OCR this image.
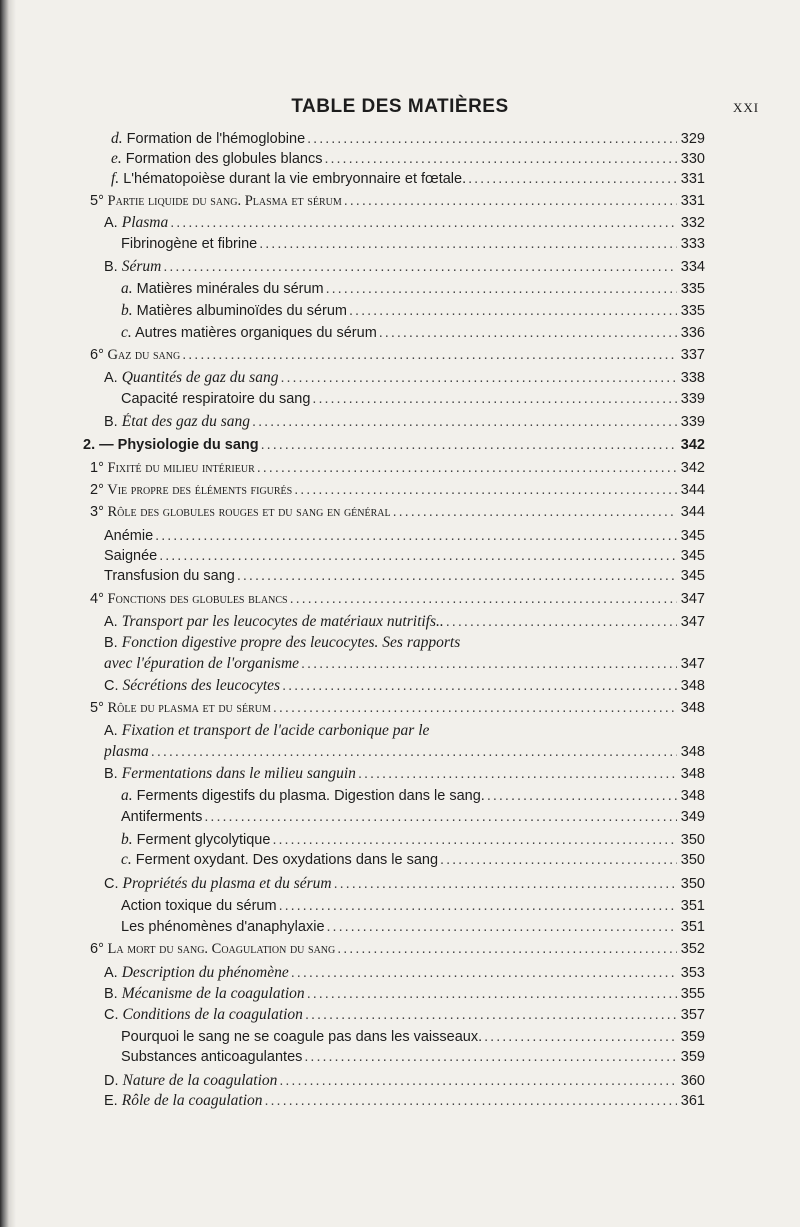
TABLE DES MATIÈRES	XXI
d. Formation de l'hémoglobine .....	329
e. Formation des globules blancs .....	330
f. L'hématopoièse durant la vie embryonnaire et fœtale. .....	331
5° Partie liquide du sang. Plasma et sérum .....	331
A. Plasma .....	332
Fibrinogène et fibrine .....	333
B. Sérum .....	334
a. Matières minérales du sérum .....	335
b. Matières albuminoïdes du sérum .....	335
c. Autres matières organiques du sérum .....	336
6° Gaz du sang .....	337
A. Quantités de gaz du sang .....	338
Capacité respiratoire du sang .....	339
B. État des gaz du sang .....	339
2. — Physiologie du sang .....	342
1° Fixité du milieu intérieur .....	342
2° Vie propre des éléments figurés .....	344
3° Rôle des globules rouges et du sang en général .....	344
Anémie .....	345
Saignée .....	345
Transfusion du sang .....	345
4° Fonctions des globules blancs .....	347
A. Transport par les leucocytes de matériaux nutritifs.. .....	347
B. Fonction digestive propre des leucocytes. Ses rapports
avec l'épuration de l'organisme .....	347
C. Sécrétions des leucocytes .....	348
5° Rôle du plasma et du sérum .....	348
A. Fixation et transport de l'acide carbonique par le
plasma .....	348
B. Fermentations dans le milieu sanguin .....	348
a. Ferments digestifs du plasma. Digestion dans le sang. .....	348
Antiferments .....	349
b. Ferment glycolytique .....	350
c. Ferment oxydant. Des oxydations dans le sang .....	350
C. Propriétés du plasma et du sérum .....	350
Action toxique du sérum .....	351
Les phénomènes d'anaphylaxie .....	351
6° La mort du sang. Coagulation du sang .....	352
A. Description du phénomène .....	353
B. Mécanisme de la coagulation .....	355
C. Conditions de la coagulation .....	357
Pourquoi le sang ne se coagule pas dans les vaisseaux. .....	359
Substances anticoagulantes .....	359
D. Nature de la coagulation .....	360
E. Rôle de la coagulation .....	361
